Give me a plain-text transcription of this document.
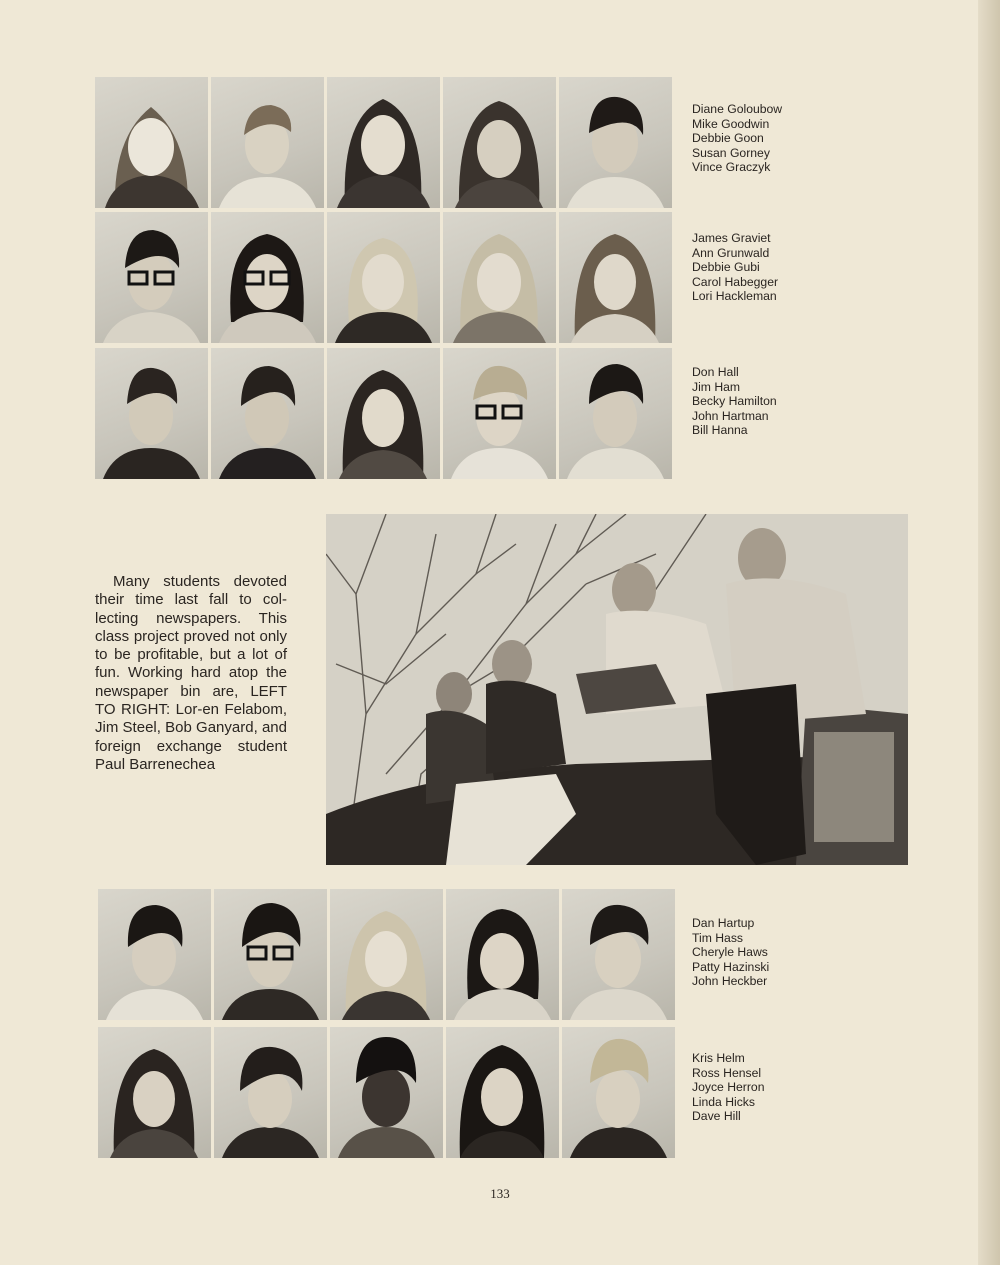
Diane Goloubow
Mike Goodwin
Debbie Goon
Susan Gorney
Vince Graczyk
James Graviet
Ann Grunwald
Debbie Gubi
Carol Habegger
Lori Hackleman
Don Hall
Jim Ham
Becky Hamilton
John Hartman
Bill Hanna

Many students devoted their time last fall to col-lecting newspapers. This class project proved not only to be profitable, but a lot of fun. Working hard atop the newspaper bin are, LEFT TO RIGHT: Lor-en Felabom, Jim Steel, Bob Ganyard, and foreign exchange student Paul Barrenechea

Dan Hartup
Tim Hass
Cheryle Haws
Patty Hazinski
John Heckber
Kris Helm
Ross Hensel
Joyce Herron
Linda Hicks
Dave Hill
133
